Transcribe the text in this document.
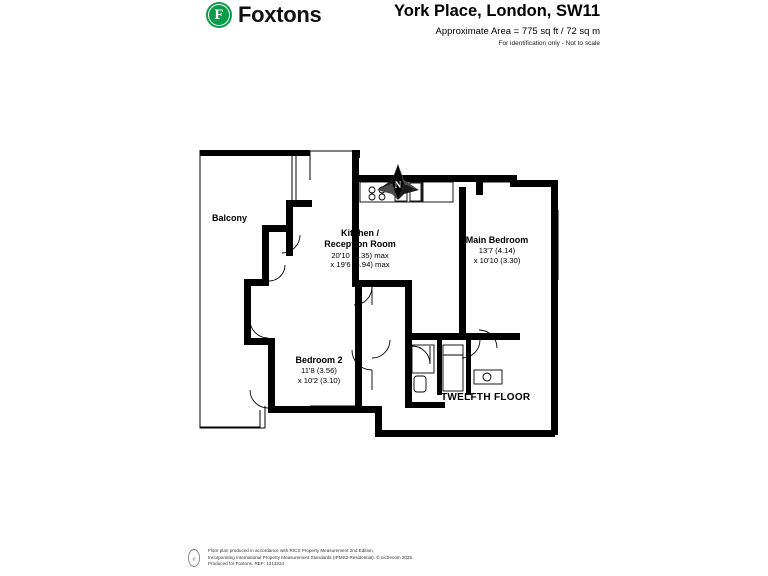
F Foxtons	York Place, London, SW11
Approximate Area = 775 sq ft / 72 sq m
For identification only - Not to scale
N
Balcony
Kitchen /
Reception Room
20'10 (6.35) max
x 19'6 (5.94) max
Main Bedroom
13'7 (4.14)
x 10'10 (3.30)
Bedroom 2
11'8 (3.56)
x 10'2 (3.10)
TWELFTH FLOOR
e
Floor plan produced in accordance with RICS Property Measurement 2nd Edition,
Incorporating International Property Measurement Standards (IPMS2 Residential). © nichecom 2025.
Produced for Foxtons. REF: 1313324
